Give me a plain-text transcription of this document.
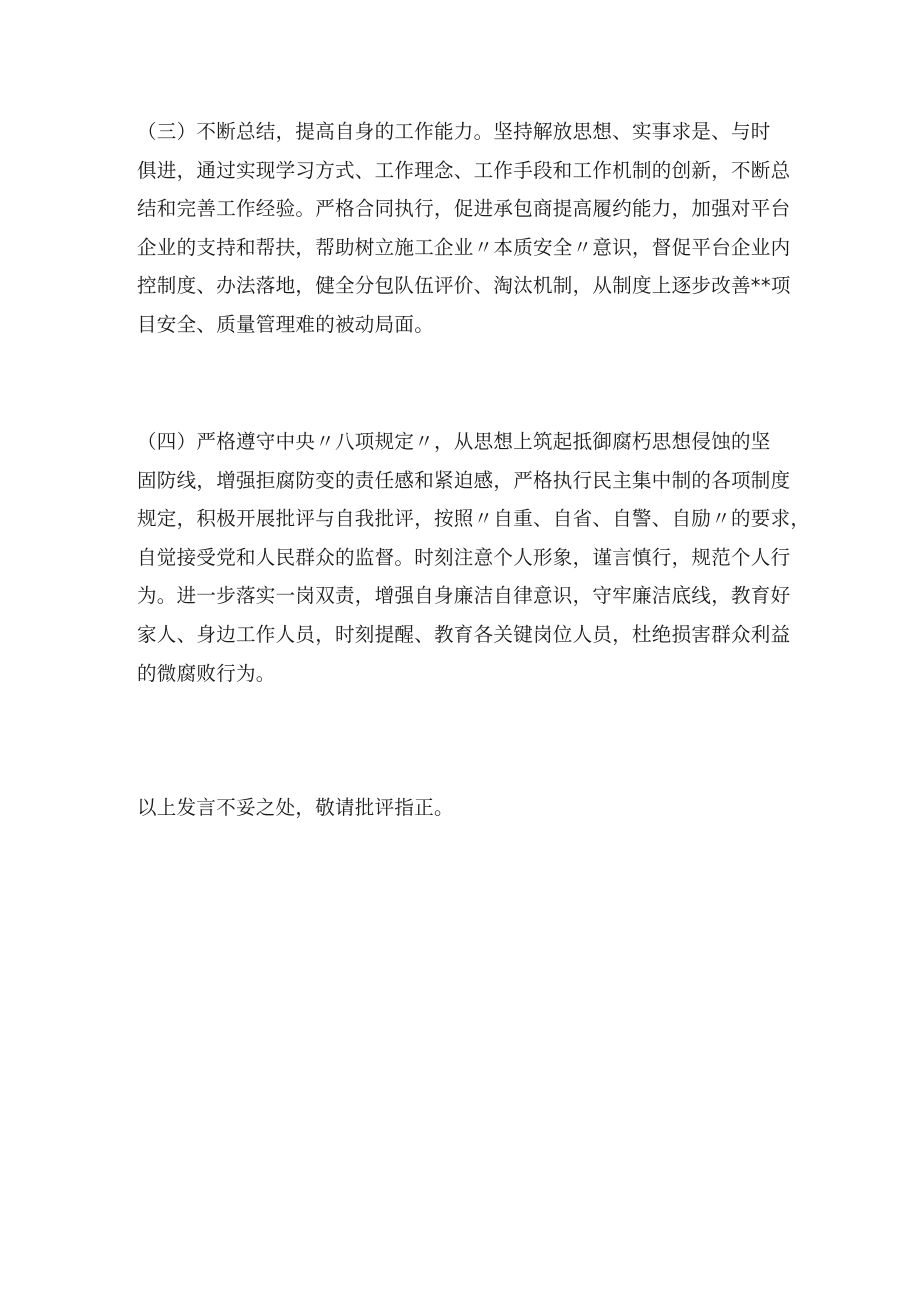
（三）不断总结，提高自身的工作能力。坚持解放思想、实事求是、与时
俱进，通过实现学习方式、工作理念、工作手段和工作机制的创新，不断总
结和完善工作经验。严格合同执行，促进承包商提高履约能力，加强对平台
企业的支持和帮扶，帮助树立施工企业〃本质安全〃意识，督促平台企业内
控制度、办法落地，健全分包队伍评价、淘汰机制，从制度上逐步改善**项
目安全、质量管理难的被动局面。

（四）严格遵守中央〃八项规定〃，从思想上筑起抵御腐朽思想侵蚀的坚
固防线，增强拒腐防变的责任感和紧迫感，严格执行民主集中制的各项制度
规定，积极开展批评与自我批评，按照〃自重、自省、自警、自励〃的要求，
自觉接受党和人民群众的监督。时刻注意个人形象，谨言慎行，规范个人行
为。进一步落实一岗双责，增强自身廉洁自律意识，守牢廉洁底线，教育好
家人、身边工作人员，时刻提醒、教育各关键岗位人员，杜绝损害群众利益
的微腐败行为。

以上发言不妥之处，敬请批评指正。
